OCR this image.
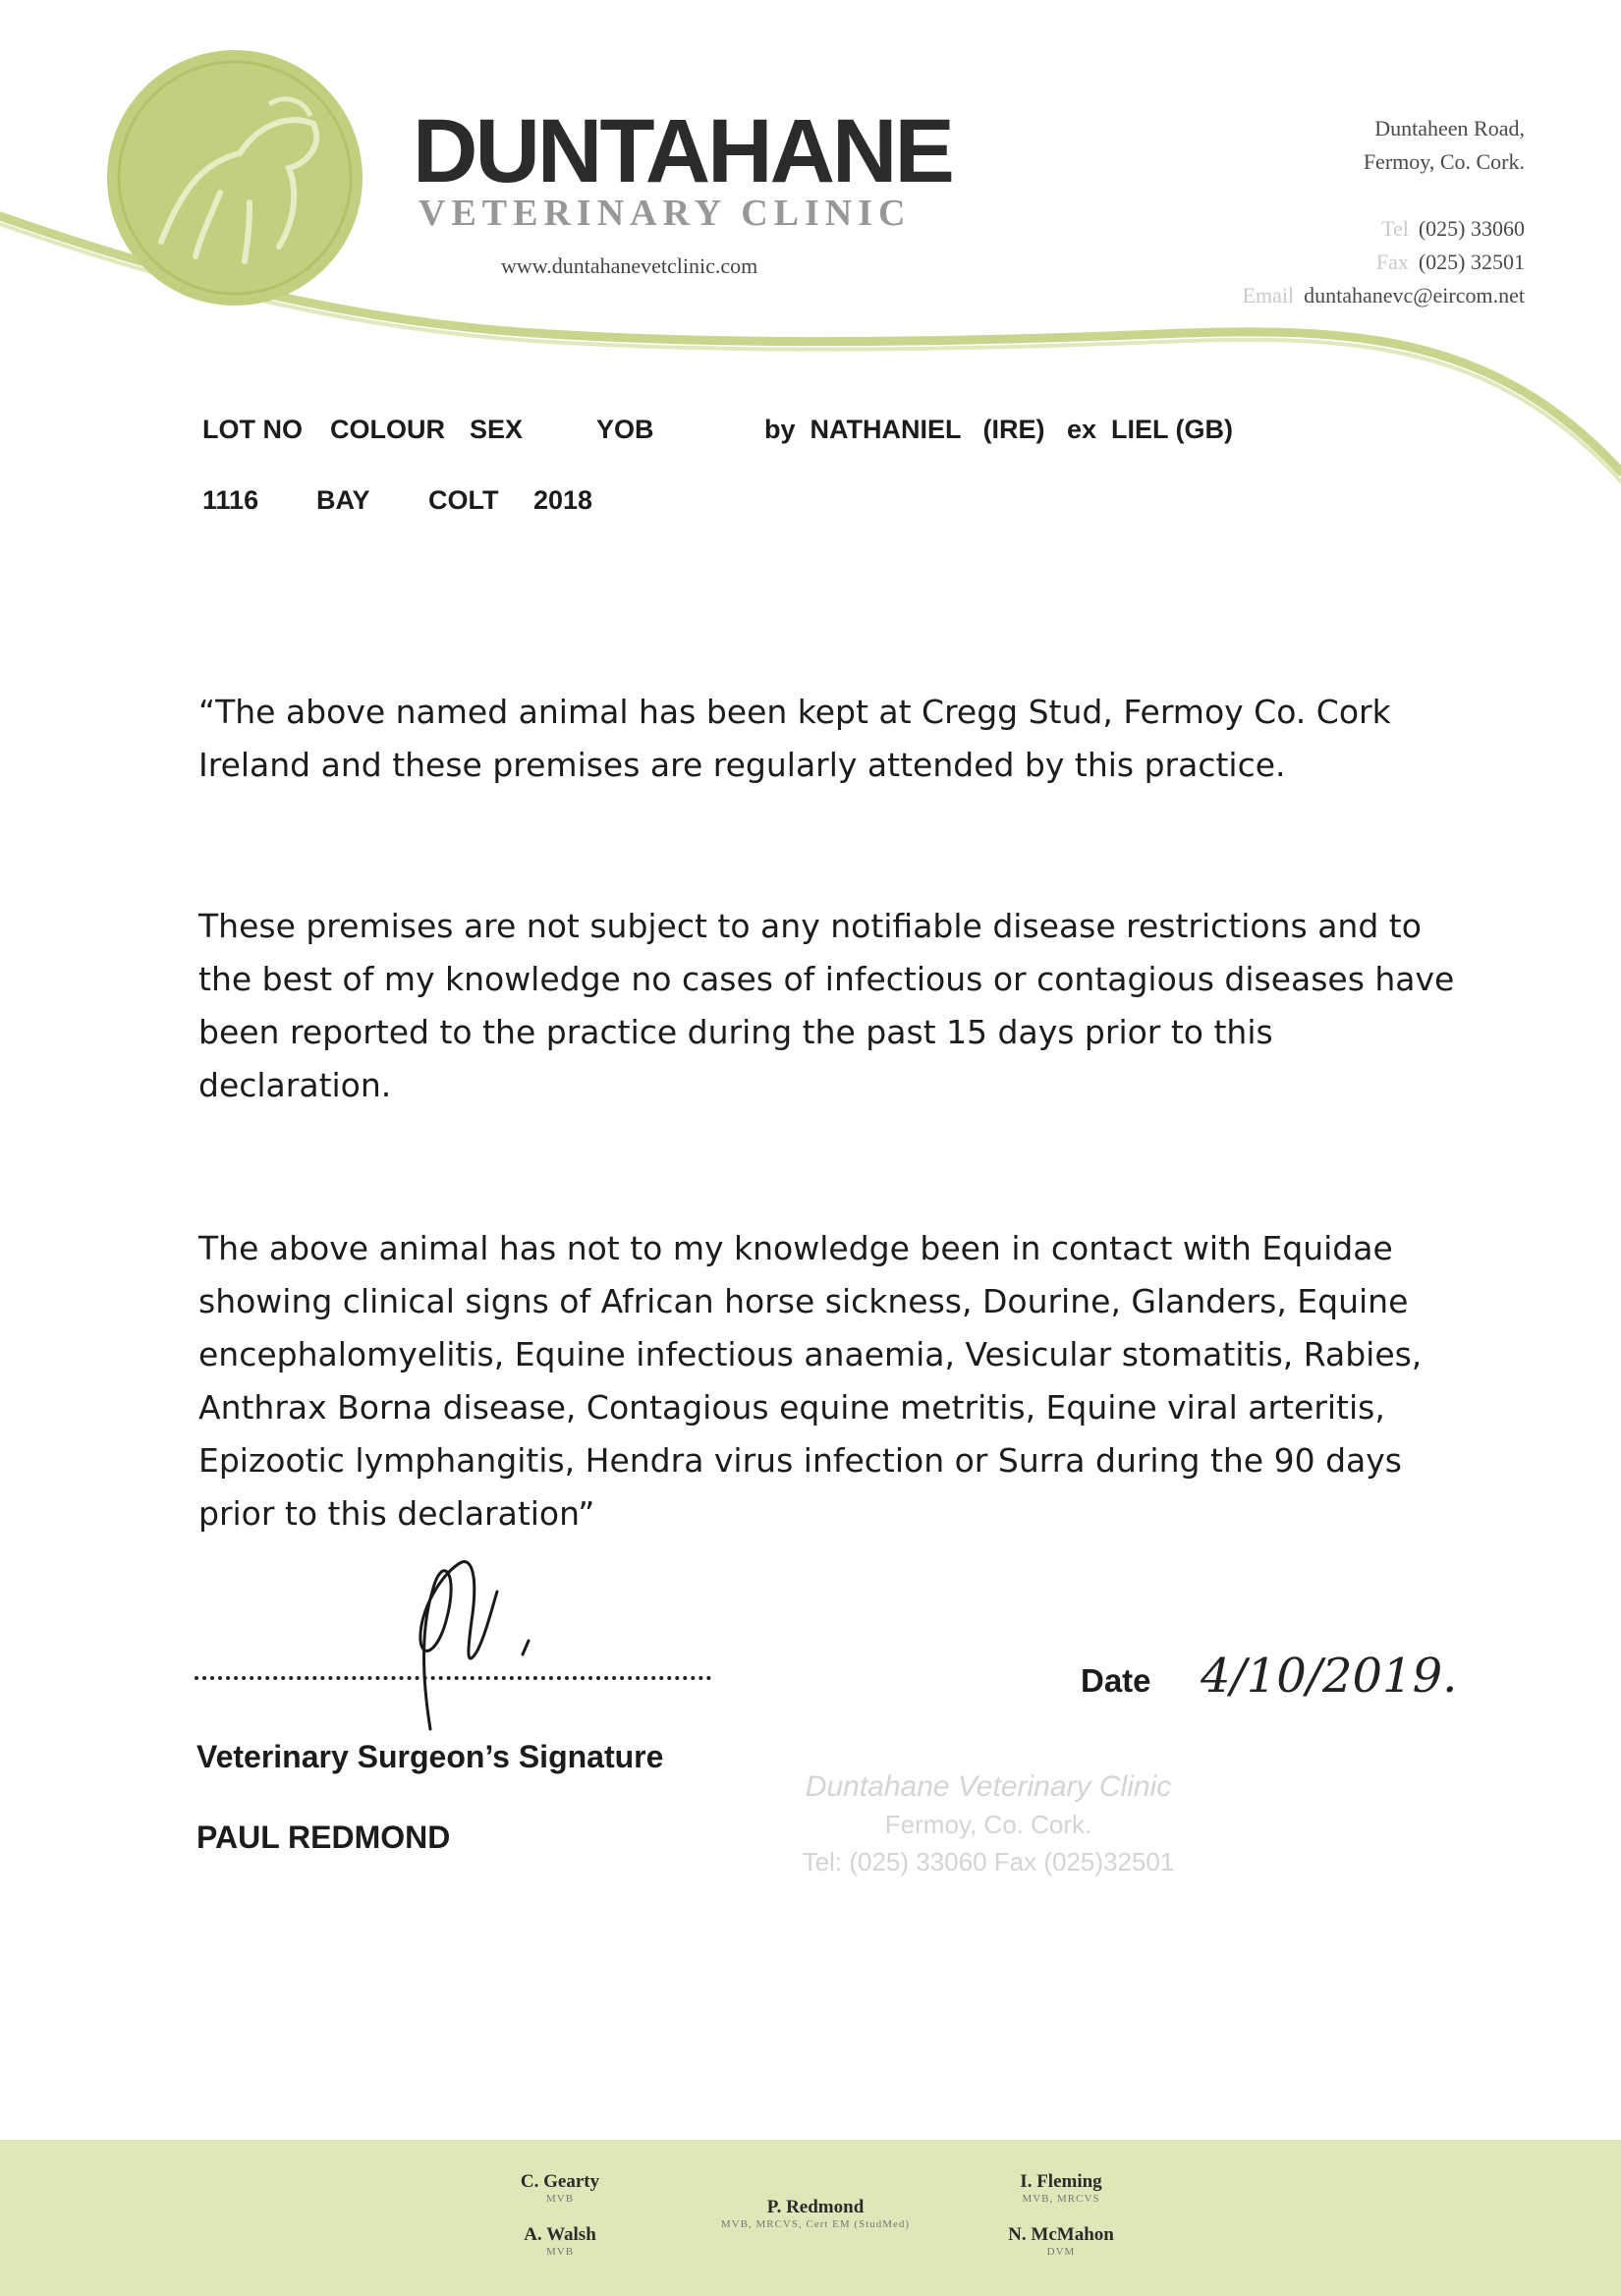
DUNTAHANE
VETERINARY CLINIC
www.duntahanevetclinic.com
Duntaheen Road,
Fermoy, Co. Cork.
Tel (025) 33060
Fax (025) 32501
Email duntahanevc@eircom.net
LOT NO COLOUR SEX	YOB	by  NATHANIEL   (IRE)   ex  LIEL (GB)
1116 BAY COLT 2018
“The above named animal has been kept at Cregg Stud, Fermoy Co. Cork
Ireland and these premises are regularly attended by this practice.
These premises are not subject to any notifiable disease restrictions and to
the best of my knowledge no cases of infectious or contagious diseases have
been reported to the practice during the past 15 days prior to this
declaration.
The above animal has not to my knowledge been in contact with Equidae
showing clinical signs of African horse sickness, Dourine, Glanders, Equine
encephalomyelitis, Equine infectious anaemia, Vesicular stomatitis, Rabies,
Anthrax Borna disease, Contagious equine metritis, Equine viral arteritis,
Epizootic lymphangitis, Hendra virus infection or Surra during the 90 days
prior to this declaration”
Veterinary Surgeon’s Signature
PAUL REDMOND
Date 4/10/2019.
Duntahane Veterinary Clinic
Fermoy, Co. Cork.
Tel: (025) 33060 Fax (025)32501
C. Gearty
MVB
A. Walsh
MVB
P. Redmond
MVB, MRCVS, Cert EM (StudMed)
I. Fleming
MVB, MRCVS
N. McMahon
DVM
